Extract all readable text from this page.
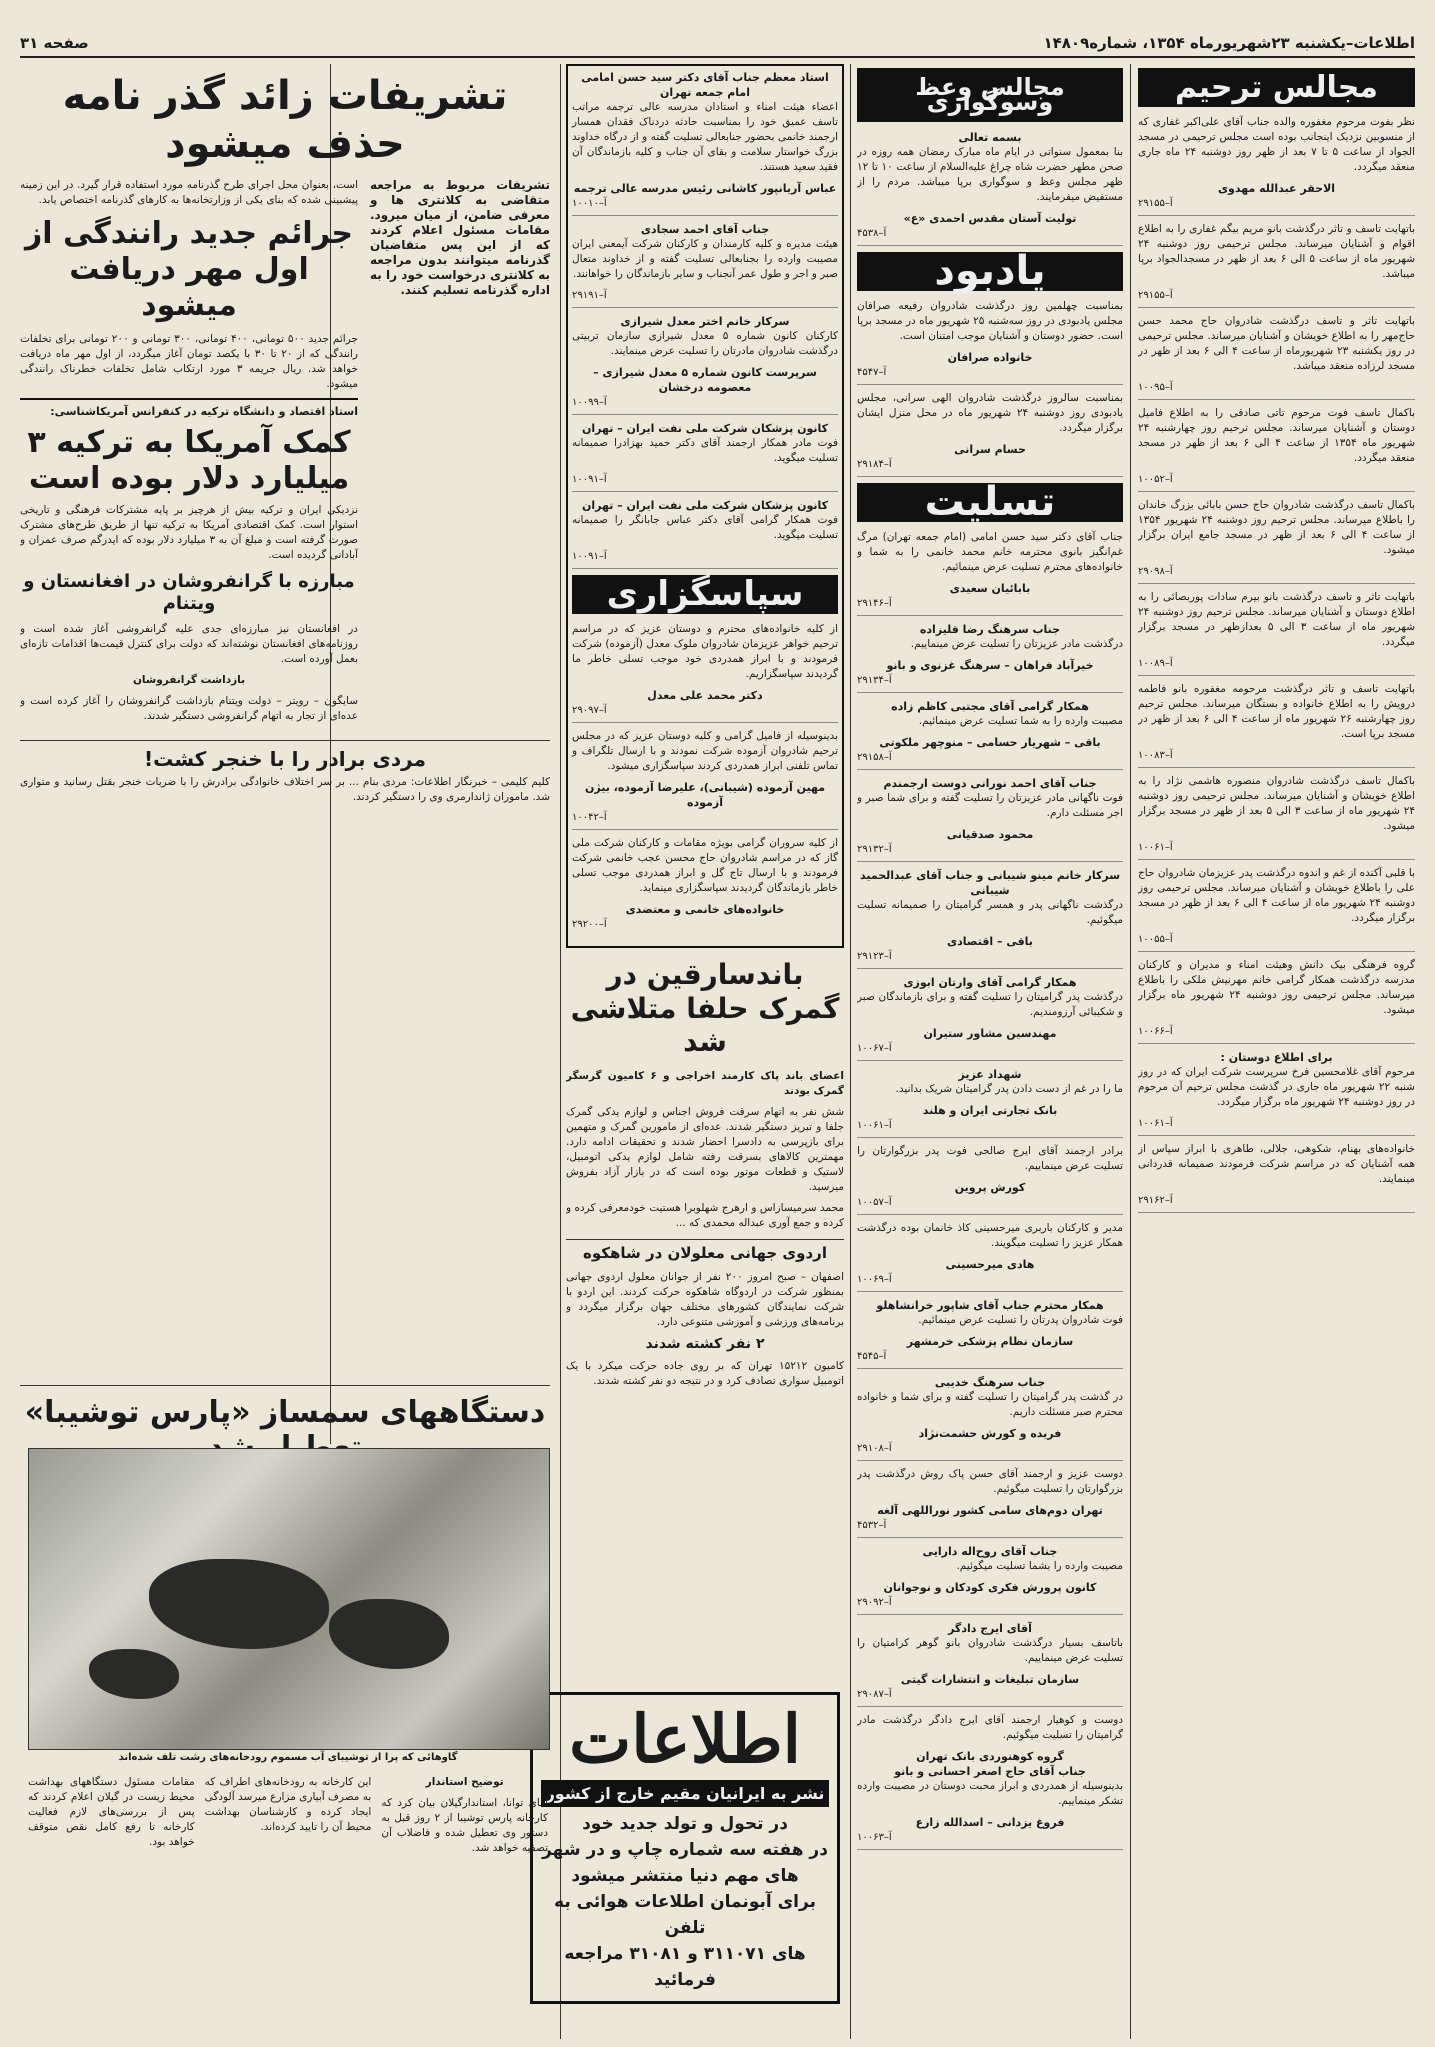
اطلاعات–یکشنبه ۲۳شهریورماه ۱۳۵۴، شماره۱۴۸۰۹
صفحه ۳۱
مجالس ترحیم

نظر بفوت مرحوم مغفوره والده جناب آقای علی‌اکبر غفاری که از منسوبین نزدیک اینجانب بوده است مجلس ترحیمی در مسجد الجواد از ساعت ۵ تا ۷ بعد از ظهر روز دوشنبه ۲۴ ماه جاری منعقد میگردد.

الاحقر عبدالله مهدوی
آ–۲۹۱۵۵

باتهایت تاسف و تاثر درگذشت بانو مریم بیگم غفاری را به اطلاع اقوام و آشنایان میرساند. مجلس ترحیمی روز دوشنبه ۲۴ شهریور ماه از ساعت ۵ الی ۶ بعد از ظهر در مسجدالجواد برپا میباشد.

آ–۲۹۱۵۵

باتهایت تاثر و تاسف درگذشت شادروان حاج محمد حسن حاج‌مهر را به اطلاع خویشان و آشنایان میرساند. مجلس ترحیمی در روز یکشنبه ۲۳ شهریورماه از ساعت ۴ الی ۶ بعد از ظهر در مسجد لرزاده منعقد میباشد.

آ–۱۰۰۹۵

باکمال تاسف فوت مرحوم تاتی صادقی را به اطلاع فامیل دوستان و آشنایان میرساند. مجلس ترحیم روز چهارشنبه ۲۴ شهریور ماه ۱۳۵۴ از ساعت ۴ الی ۶ بعد از ظهر در مسجد منعقد میگردد.

آ–۱۰۰۵۲

باکمال تاسف درگذشت شادروان حاج حسن بابائی بزرگ خاندان را باطلاع میرساند. مجلس ترحیم روز دوشنبه ۲۴ شهریور ۱۳۵۴ از ساعت ۴ الی ۶ بعد از ظهر در مسجد جامع ایران برگزار میشود.

آ–۲۹۰۹۸

باتهایت تاثر و تاسف درگذشت بانو بیرم سادات پوربصائی را به اطلاع دوستان و آشنایان میرساند. مجلس ترحیم روز دوشنبه ۲۴ شهریور ماه از ساعت ۳ الی ۵ بعدازظهر در مسجد برگزار میگردد.

آ–۱۰۰۸۹

باتهایت تاسف و تاثر درگذشت مرحومه مغفوره بانو فاطمه درویش را به اطلاع خانواده و بستگان میرساند. مجلس ترحیم روز چهارشنبه ۲۶ شهریور ماه از ساعت ۴ الی ۶ بعد از ظهر در مسجد برپا است.

آ–۱۰۰۸۳

باکمال تاسف درگذشت شادروان منصوره هاشمی نژاد را به اطلاع خویشان و آشنایان میرساند. مجلس ترحیمی روز دوشنبه ۲۴ شهریور ماه از ساعت ۳ الی ۵ بعد از ظهر در مسجد برگزار میشود.

آ–۱۰۰۶۱

با قلبی آکنده از غم و اندوه درگذشت پدر عزیزمان شادروان حاج علی را باطلاع خویشان و آشنایان میرساند. مجلس ترحیمی روز دوشنبه ۲۴ شهریور ماه از ساعت ۴ الی ۶ بعد از ظهر در مسجد برگزار میگردد.

آ–۱۰۰۵۵

گروه فرهنگی بیک دانش وهیئت امناء و مدیران و کارکنان مدرسه درگذشت همکار گرامی خانم مهرنیش ملکی را باطلاع میرساند. مجلس ترحیمی روز دوشنبه ۲۴ شهریور ماه برگزار میشود.

آ–۱۰۰۶۶
برای اطلاع دوستان :

مرحوم آقای غلامحسین فرخ سرپرست شرکت ایران که در روز شنبه ۲۲ شهریور ماه جاری در گذشت مجلس ترحیم آن مرحوم در روز دوشنبه ۲۴ شهریور ماه برگزار میگردد.

آ–۱۰۰۶۱

خانواده‌های بهنام، شکوهی، جلالی، طاهری با ابراز سپاس از همه آشنایان که در مراسم شرکت فرمودند صمیمانه قدردانی مینمایند.

آ–۲۹۱۶۲
مجالس وعظ وسوگواری
بسمه تعالی

بنا بمعمول سنواتی در ایام ماه مبارک رمضان همه روزه در صحن مطهر حضرت شاه چراغ علیه‌السلام از ساعت ۱۰ تا ۱۲ ظهر مجلس وعظ و سوگواری برپا میباشد. مردم را از مستفیض میفرمایند.

تولیت آستان مقدس احمدی «ع»
آ–۴۵۳۸
یادبود

بمناسبت چهلمین روز درگذشت شادروان رفیعه صرافان مجلس یادبودی در روز سه‌شنبه ۲۵ شهریور ماه در مسجد برپا است. حضور دوستان و آشنایان موجب امتنان است.

خانواده صرافان
آ–۴۵۴۷

بمناسبت سالروز درگذشت شادروان الهی سرانی، مجلس یادبودی روز دوشنبه ۲۴ شهریور ماه در محل منزل ایشان برگزار میگردد.

حسام سرانی
آ–۲۹۱۸۴
تسلیت

جناب آقای دکتر سید حسن امامی (امام جمعه تهران) مرگ غم‌انگیز بانوی محترمه خانم محمد خانمی را به شما و خانواده‌های محترم تسلیت عرض مینمائیم.

بابائیان سعیدی
آ–۲۹۱۴۶
جناب سرهنگ رضا قلیزاده

درگذشت مادر عزیزتان را تسلیت عرض مینماییم.

خیرآباد فراهان – سرهنگ غزنوی و بانو
آ–۲۹۱۳۴
همکار گرامی آقای مجتبی کاظم زاده

مصیبت وارده را به شما تسلیت عرض مینمائیم.

باقی – شهریار حسامی – منوچهر ملکوتی
آ–۲۹۱۵۸
جناب آقای احمد نورانی دوست ارجمندم

فوت ناگهانی مادر عزیزتان را تسلیت گفته و برای شما صبر و اجر مسئلت دارم.

محمود صدقیانی
آ–۲۹۱۳۲
سرکار خانم مینو شیبانی و جناب آقای عبدالحمید شیبانی

درگذشت ناگهانی پدر و همسر گرامیتان را صمیمانه تسلیت میگوئیم.

باقی – اقتصادی
آ–۲۹۱۲۳
همکار گرامی آقای وارتان ابوزی

درگذشت پدر گرامیتان را تسلیت گفته و برای بازماندگان صبر و شکیبائی آرزومندیم.

مهندسین مشاور ستیران
آ–۱۰۰۶۷
شهداد عزیز

ما را در غم از دست دادن پدر گرامیتان شریک بدانید.

بانک تجارتی ایران و هلند
آ–۱۰۰۶۱

برادر ارجمند آقای ایرج صالحی فوت پدر بزرگوارتان را تسلیت عرض مینماییم.

کورش پروین
آ–۱۰۰۵۷

مدیر و کارکنان باربری میرحسینی کاذ خانمان بوده درگذشت همکار عزیز را تسلیت میگویند.

هادی میرحسینی
آ–۱۰۰۶۹
همکار محترم جناب آقای شاپور خرانشاهلو

فوت شادروان پدرتان را تسلیت عرض مینمائیم.

سازمان نظام پزشکی خرمشهر
آ–۴۵۴۵
جناب سرهنگ خدیبی

در گذشت پدر گرامیتان را تسلیت گفته و برای شما و خانواده محترم صبر مسئلت داریم.

فریده و کورش حشمت‌نژاد
آ–۲۹۱۰۸

دوست عزیز و ارجمند آقای حسن پاک روش درگذشت پدر بزرگوارتان را تسلیت میگوئیم.

تهران دوم‌های سامی کشور نوراللهی آلغه
آ–۴۵۳۲
جناب آقای روح‌اله دارایی

مصیبت وارده را بشما تسلیت میگوئیم.

کانون پرورش فکری کودکان و نوجوانان
آ–۲۹۰۹۲
آقای ایرج دادگر

باتاسف بسیار درگذشت شادروان بانو گوهر کرامتیان را تسلیت عرض مینماییم.

سازمان تبلیغات و انتشارات گیتی
آ–۲۹۰۸۷

دوست و کوهیار ارجمند آقای ایرج دادگر درگذشت مادر گرامیتان را تسلیت میگوئیم.

گروه کوهنوردی بانک تهران
جناب آقای حاج اصغر احسانی و بانو

بدینوسیله از همدردی و ابراز محبت دوستان در مصیبت وارده تشکر مینماییم.

فروغ یزدانی – اسدالله زارع
آ–۱۰۰۶۳
استاد معظم جناب آقای دکتر سید حسن امامی امام جمعه تهران

اعضاء هیئت امناء و استادان مدرسه عالی ترجمه مراتب تاسف عمیق خود را بمناسبت حادثه دردناک فقدان همسار ارجمند خانمی بحضور جنابعالی تسلیت گفته و از درگاه خداوند بزرگ خواستار سلامت و بقای آن جناب و کلیه بازماندگان آن فقید سعید هستند.

عباس آریانپور کاشانی رئیس مدرسه عالی ترجمه
آ–۱۰۰۱۰
جناب آقای احمد سجادی

هیئت مدیره و کلیه کارمندان و کارکنان شرکت آیمعنی ایران مصیبت وارده را بجنابعالی تسلیت گفته و از خداوند متعال صبر و اجر و طول عمر آنجناب و سایر بازماندگان را خواهانند.

آ–۲۹۱۹۱
سرکار خانم اختر معدل شیرازی

کارکنان کانون شماره ۵ معدل شیرازی سازمان تربیتی درگذشت شادروان مادرتان را تسلیت عرض مینمایند.

سرپرست کانون شماره ۵ معدل شیرازی – معصومه درخشان
آ–۱۰۰۹۹
کانون پزشکان شرکت ملی نفت ایران – تهران

فوت مادر همکار ارجمند آقای دکتر حمید بهزادرا صمیمانه تسلیت میگوید.

آ–۱۰۰۹۱
کانون پزشکان شرکت ملی نفت ایران – تهران

فوت همکار گرامی آقای دکتر عباس جابانگر را صمیمانه تسلیت میگوید.

آ–۱۰۰۹۱
سپاسگزاری

از کلیه خانواده‌های محترم و دوستان عزیز که در مراسم ترحیم خواهر عزیزمان شادروان ملوک معدل (آزموده) شرکت فرمودند و با ابراز همدردی خود موجب تسلی خاطر ما گردیدند سپاسگزاریم.

دکتر محمد علی معدل
آ–۲۹۰۹۷

بدینوسیله از فامیل گرامی و کلیه دوستان عزیز که در مجلس ترحیم شادروان آزموده شرکت نمودند و با ارسال تلگراف و تماس تلفنی ابراز همدردی کردند سپاسگزاری میشود.

مهین آزموده (شیبانی)، علیرضا آزموده، بیژن آزموده
آ–۱۰۰۴۲

از کلیه سروران گرامی بویژه مقامات و کارکنان شرکت ملی گاز که در مراسم شادروان حاج محسن عجب خانمی شرکت فرمودند و با ارسال تاج گل و ابراز همدردی موجب تسلی خاطر بازماندگان گردیدند سپاسگزاری مینماید.

خانواده‌های خانمی و معتضدی
آ–۲۹۲۰۰
باندسارقین در گمرک حلفا متلاشی شد

اعضای باند پاک کارمند اخراجی و ۶ کامیون گرسگر گمرک بودند

شش نفر به اتهام سرقت فروش اجناس و لوازم یدکی گمرک جلفا و تبریز دستگیر شدند. عده‌ای از مامورین گمرک و متهمین برای بازپرسی به دادسرا احضار شدند و تحقیقات ادامه دارد. مهمترین کالاهای بسرقت رفته شامل لوازم یدکی اتومبیل، لاستیک و قطعات موتور بوده است که در بازار آزاد بفروش میرسید.

محمد سرمیسازاس و ارهرج شهلوبرا هستیت خودمعرفی کرده و کرده و جمع آوری عبداله محمدی که ...

اردوی جهانی معلولان در شاهکوه

اصفهان – صبح امروز ۲۰۰ نفر از جوانان معلول اردوی جهانی بمنظور شرکت در اردوگاه شاهکوه حرکت کردند. این اردو با شرکت نمایندگان کشورهای مختلف جهان برگزار میگردد و برنامه‌های ورزشی و آموزشی متنوعی دارد.

۲ نفر کشته شدند

کامیون ۱۵۲۱۲ تهران که بر روی جاده حرکت میکرد با یک اتومبیل سواری تصادف کرد و در نتیجه دو نفر کشته شدند.

اطلاعات
نشر به ایرانیان مقیم خارج از کشور
در تحول و تولد جدید خود
در هفته سه شماره چاپ و در شهر
های مهم دنیا منتشر میشود
برای آبونمان اطلاعات هوائی به تلفن
های ۳۱۱۰۷۱ و ۳۱۰۸۱ مراجعه
فرمائید
تشریفات زائد گذر نامه حذف میشود

تشریفات مربوط به مراجعه متقاضی به کلانتری ها و معرفی ضامن، از میان میرود. مقامات مسئول اعلام کردند که از این پس متقاضیان گذرنامه میتوانند بدون مراجعه به کلانتری درخواست خود را به اداره گذرنامه تسلیم کنند.

است، بعنوان محل اجرای طرح گذرنامه مورد استفاده قرار گیرد. در این زمینه پیشبینی شده که بنای یکی از وزارتخانه‌ها به کارهای گذرنامه اختصاص یابد.

جرائم جدید رانندگی از اول مهر دریافت میشود

جرائم جدید ۵۰۰ تومانی، ۴۰۰ تومانی، ۳۰۰ تومانی و ۲۰۰ تومانی برای تخلفات رانندگی که از ۲۰ تا ۳۰ با یکصد تومان آغاز میگردد، از اول مهر ماه دریافت خواهد شد. ریال جریمه ۳ مورد ارتکاب شامل تخلفات خطرناک رانندگی میشود.

استاد اقتصاد و دانشگاه ترکیه در کنفرانس آمریکاشناسی:
کمک آمریکا به ترکیه ۳ میلیارد دلار بوده است

نزدیکی ایران و ترکیه بیش از هرچیز بر پایه مشترکات فرهنگی و تاریخی استوار است. کمک اقتصادی آمریکا به ترکیه تنها از طریق طرح‌های مشترک صورت گرفته است و مبلغ آن به ۳ میلیارد دلار بوده که ایدرگم صرف عمران و آبادانی گردیده است.

مبارزه با گرانفروشان در افغانستان و ویتنام

در افغانستان نیز مبارزه‌ای جدی علیه گرانفروشی آغاز شده است و روزنامه‌های افغانستان نوشته‌اند که دولت برای کنترل قیمت‌ها اقدامات تازه‌ای بعمل آورده است.

بازداشت گرانفروشان

سایگون – رویتر – دولت ویتنام بازداشت گرانفروشان را آغاز کرده است و عده‌ای از تجار به اتهام گرانفروشی دستگیر شدند.

مردی برادر را با خنجر کشت!

کلیم کلیمی – خبرنگار اطلاعات: مردی بنام ... بر سر اختلاف خانوادگی برادرش را با ضربات خنجر بقتل رسانید و متواری شد. ماموران ژاندارمری وی را دستگیر کردند.

دستگاههای سمساز «پارس توشیبا»
گاوهائی که پرا از توشیبای آب مسموم رودخانه‌های رشت تلف شده‌اند

توضیح استاندار

آقای توانا، استاندارگیلان بیان کرد که کارخانه پارس توشیبا از ۲ روز قبل به دستور وی تعطیل شده و فاضلاب آن تصفیه خواهد شد.

این کارخانه به رودخانه‌های اطراف که به مصرف آبیاری مزارع میرسد آلودگی ایجاد کرده و کارشناسان بهداشت محیط آن را تایید کرده‌اند.

مقامات مسئول دستگاههای بهداشت محیط زیست در گیلان اعلام کردند که پس از بررسی‌های لازم فعالیت کارخانه تا رفع کامل نقص متوقف خواهد بود.
